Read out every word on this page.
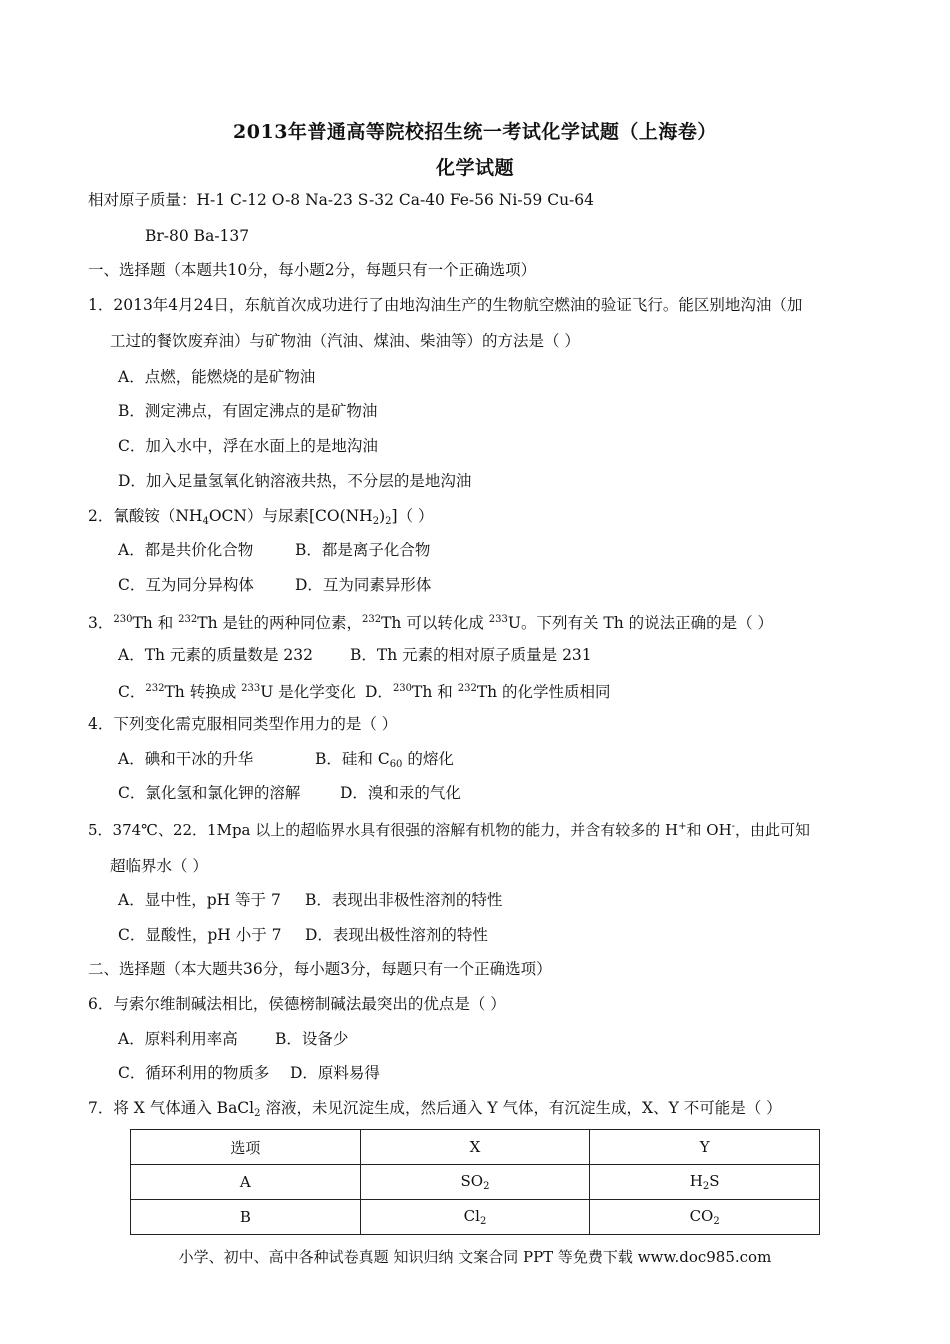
2013年普通高等院校招生统一考试化学试题（上海卷）
化学试题
相对原子质量：H-1 C-12 O-8 Na-23 S-32 Ca-40 Fe-56 Ni-59 Cu-64
Br-80 Ba-137
一、选择题（本题共10分，每小题2分，每题只有一个正确选项）
1．2013年4月24日，东航首次成功进行了由地沟油生产的生物航空燃油的验证飞行。能区别地沟油（加
工过的餐饮废弃油）与矿物油（汽油、煤油、柴油等）的方法是（ ）
A．点燃，能燃烧的是矿物油
B．测定沸点，有固定沸点的是矿物油
C．加入水中，浮在水面上的是地沟油
D．加入足量氢氧化钠溶液共热，不分层的是地沟油
2．氰酸铵$(NH_4OCN)$与尿素$[CO(NH_2)_2]$（ ）
A．都是共价化合物	B．都是离子化合物
C．互为同分异构体	D．互为同素异形体
3．$^{230}$Th 和 $^{232}$Th 是钍的两种同位素，$^{232}$Th 可以转化成 $^{233}$U。下列有关 Th 的说法正确的是（ ）
A．Th 元素的质量数是 232 B．Th 元素的相对原子质量是 231
C．$^{232}$Th 转换成 $^{233}$U 是化学变化 D．$^{230}$Th 和 $^{232}$Th 的化学性质相同
4．下列变化需克服相同类型作用力的是（ ）
A．碘和干冰的升华	B．硅和 $C_{60}$ 的熔化
C．氯化氢和氯化钾的溶解	D．溴和汞的气化
5．374℃、22．1Mpa 以上的超临界水具有很强的溶解有机物的能力，并含有较多的 H+和 OH-，由此可知
超临界水（ ）
A．显中性，pH 等于 7 B．表现出非极性溶剂的特性
C．显酸性，pH 小于 7 D．表现出极性溶剂的特性
二、选择题（本大题共36分，每小题3分，每题只有一个正确选项）
6．与索尔维制碱法相比，侯德榜制碱法最突出的优点是（ ）
A．原料利用率高 B．设备少
C．循环利用的物质多 D．原料易得
7．将 X 气体通入 BaCl$_2$ 溶液，未见沉淀生成，然后通入 Y 气体，有沉淀生成，X、Y 不可能是（ ）
选项	X	Y
A	$SO_2$	$H_2S$
B	$Cl_2$	$CO_2$
小学、初中、高中各种试卷真题 知识归纳 文案合同 PPT 等免费下载 www.doc985.com
